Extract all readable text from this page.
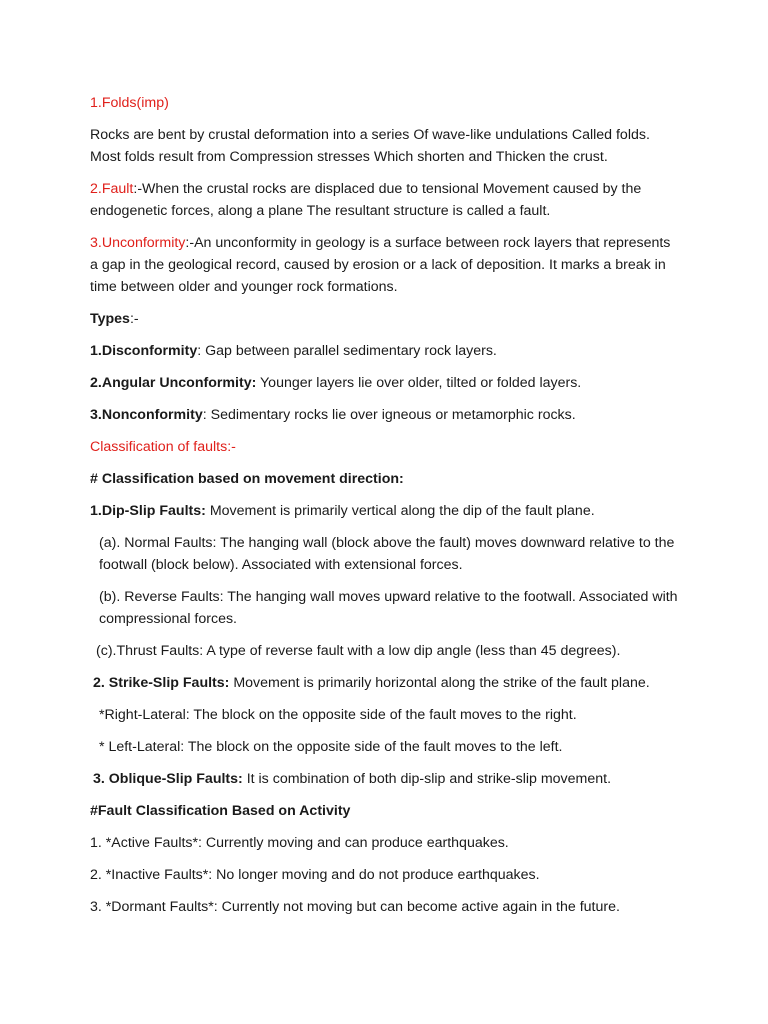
1.Folds(imp)

Rocks are bent by crustal deformation into a series Of wave-like undulations Called folds. Most folds result from Compression stresses Which shorten and Thicken the crust.

2.Fault:-When the crustal rocks are displaced due to tensional Movement caused by the endogenetic forces, along a plane The resultant structure is called a fault.

3.Unconformity:-An unconformity in geology is a surface between rock layers that represents a gap in the geological record, caused by erosion or a lack of deposition. It marks a break in time between older and younger rock formations.

Types:-

1.Disconformity: Gap between parallel sedimentary rock layers.

2.Angular Unconformity: Younger layers lie over older, tilted or folded layers.

3.Nonconformity: Sedimentary rocks lie over igneous or metamorphic rocks.

Classification of faults:-

# Classification based on movement direction:

1.Dip-Slip Faults: Movement is primarily vertical along the dip of the fault plane.

(a). Normal Faults: The hanging wall (block above the fault) moves downward relative to the footwall (block below). Associated with extensional forces.

(b). Reverse Faults: The hanging wall moves upward relative to the footwall. Associated with compressional forces.

(c).Thrust Faults: A type of reverse fault with a low dip angle (less than 45 degrees).

2. Strike-Slip Faults: Movement is primarily horizontal along the strike of the fault plane.

*Right-Lateral: The block on the opposite side of the fault moves to the right.

* Left-Lateral: The block on the opposite side of the fault moves to the left.

3. Oblique-Slip Faults: It is combination of both dip-slip and strike-slip movement.

#Fault Classification Based on Activity

1. *Active Faults*: Currently moving and can produce earthquakes.

2. *Inactive Faults*: No longer moving and do not produce earthquakes.

3. *Dormant Faults*: Currently not moving but can become active again in the future.
